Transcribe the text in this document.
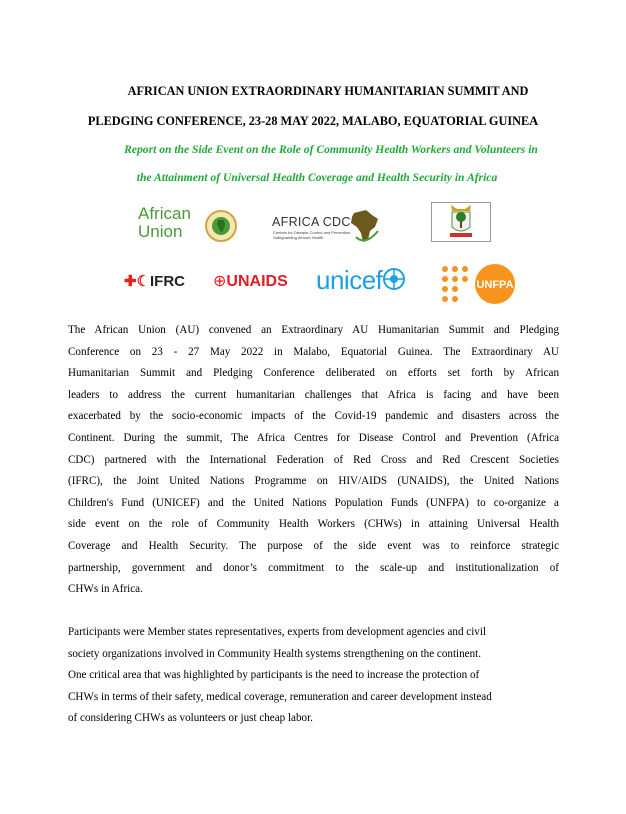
AFRICAN UNION EXTRAORDINARY HUMANITARIAN SUMMIT AND
PLEDGING CONFERENCE, 23-28 MAY 2022, MALABO, EQUATORIAL GUINEA
Report on the Side Event on the Role of Community Health Workers and Volunteers in
the Attainment of Universal Health Coverage and Health Security in Africa
African
Union	AFRICA CDC
Centres for Disease Control and Prevention
Safeguarding Africa's Health
✚☾IFRC ⊕UNAIDS unicef	UNFPA
The African Union (AU) convened an Extraordinary AU Humanitarian Summit and Pledging
Conference on 23 - 27 May 2022 in Malabo, Equatorial Guinea. The Extraordinary AU
Humanitarian Summit and Pledging Conference deliberated on efforts set forth by African
leaders to address the current humanitarian challenges that Africa is facing and have been
exacerbated by the socio-economic impacts of the Covid-19 pandemic and disasters across the
Continent. During the summit, The Africa Centres for Disease Control and Prevention (Africa
CDC) partnered with the International Federation of Red Cross and Red Crescent Societies
(IFRC), the Joint United Nations Programme on HIV/AIDS (UNAIDS), the United Nations
Children's Fund (UNICEF) and the United Nations Population Funds (UNFPA) to co-organize a
side event on the role of Community Health Workers (CHWs) in attaining Universal Health
Coverage and Health Security. The purpose of the side event was to reinforce strategic
partnership, government and donor’s commitment to the scale-up and institutionalization of
CHWs in Africa.
Participants were Member states representatives, experts from development agencies and civil
society organizations involved in Community Health systems strengthening on the continent.
One critical area that was highlighted by participants is the need to increase the protection of
CHWs in terms of their safety, medical coverage, remuneration and career development instead
of considering CHWs as volunteers or just cheap labor.
